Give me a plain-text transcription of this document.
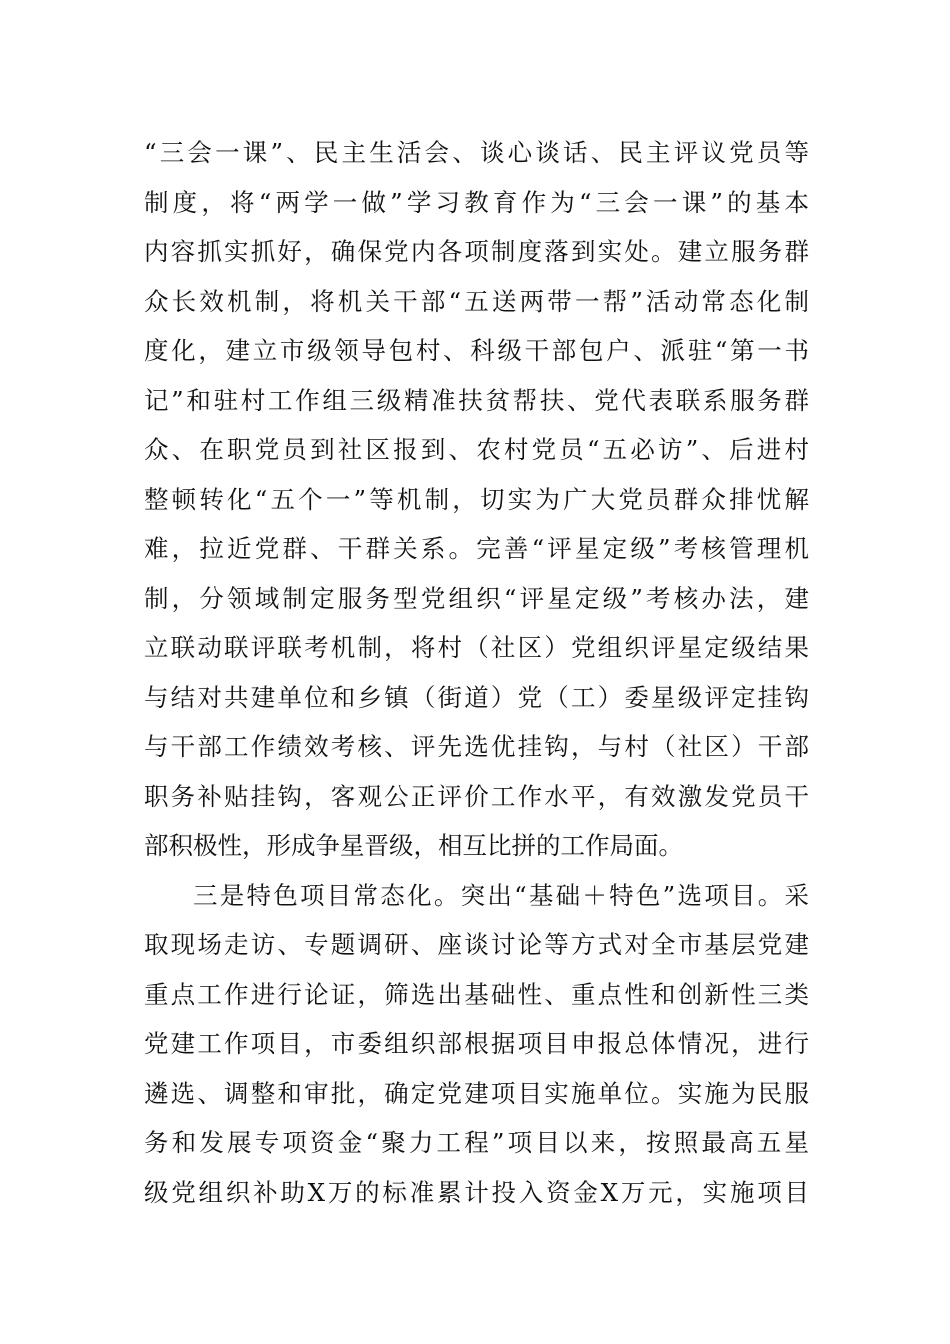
“三会一课”、民主生活会、谈心谈话、民主评议党员等
制度，将“两学一做”学习教育作为“三会一课”的基本
内容抓实抓好，确保党内各项制度落到实处。建立服务群
众长效机制，将机关干部“五送两带一帮”活动常态化制
度化，建立市级领导包村、科级干部包户、派驻“第一书
记”和驻村工作组三级精准扶贫帮扶、党代表联系服务群
众、在职党员到社区报到、农村党员“五必访”、后进村
整顿转化“五个一”等机制，切实为广大党员群众排忧解
难，拉近党群、干群关系。完善“评星定级”考核管理机
制，分领域制定服务型党组织“评星定级”考核办法，建
立联动联评联考机制，将村（社区）党组织评星定级结果
与结对共建单位和乡镇（街道）党（工）委星级评定挂钩
与干部工作绩效考核、评先选优挂钩，与村（社区）干部
职务补贴挂钩，客观公正评价工作水平，有效激发党员干
部积极性，形成争星晋级，相互比拼的工作局面。
三是特色项目常态化。突出“基础＋特色”选项目。采
取现场走访、专题调研、座谈讨论等方式对全市基层党建
重点工作进行论证，筛选出基础性、重点性和创新性三类
党建工作项目，市委组织部根据项目申报总体情况，进行
遴选、调整和审批，确定党建项目实施单位。实施为民服
务和发展专项资金“聚力工程”项目以来，按照最高五星
级党组织补助X万的标准累计投入资金X万元，实施项目
